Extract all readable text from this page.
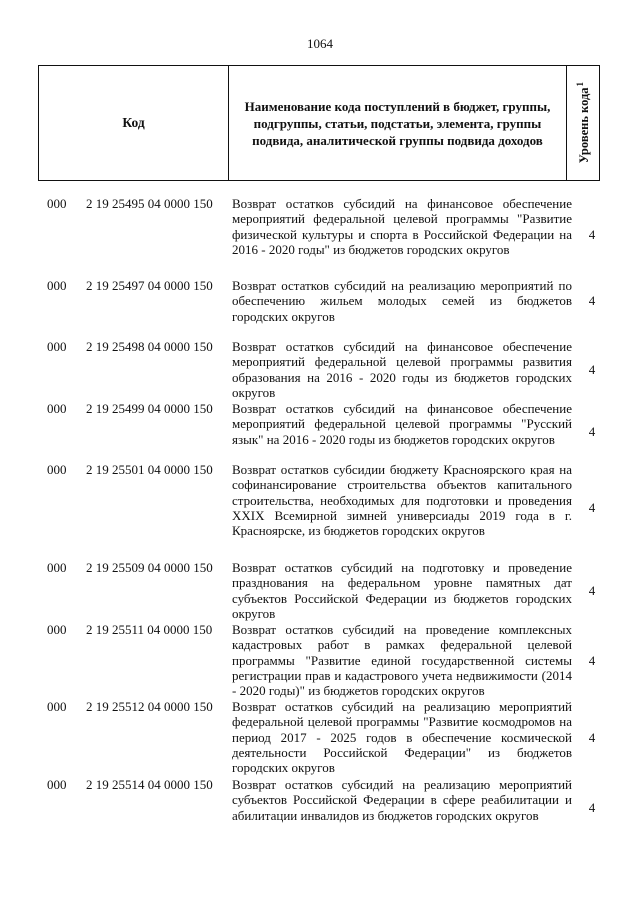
1064
Код
Наименование кода поступлений в бюджет, группы, подгруппы, статьи, подстатьи, элемента, группы подвида, аналитической группы подвида доходов	Уровень кода$^1$
000 2 19 25495 04 0000 150 Возврат остатков субсидий на финансовое обеспечение мероприятий федеральной целевой программы "Развитие физической культуры и спорта в Российской Федерации на 2016 - 2020 годы" из бюджетов городских округов
4
000 2 19 25497 04 0000 150 Возврат остатков субсидий на реализацию мероприятий по обеспечению жильем молодых семей из бюджетов городских округов
4
000 2 19 25498 04 0000 150 Возврат остатков субсидий на финансовое обеспечение мероприятий федеральной целевой программы развития образования на 2016 - 2020 годы из бюджетов городских округов
4
000 2 19 25499 04 0000 150 Возврат остатков субсидий на финансовое обеспечение мероприятий федеральной целевой программы "Русский язык" на 2016 - 2020 годы из бюджетов городских округов
4
000 2 19 25501 04 0000 150 Возврат остатков субсидии бюджету Красноярского края на софинансирование строительства объектов капитального строительства, необходимых для подготовки и проведения XXIX Всемирной зимней универсиады 2019 года в г. Красноярске, из бюджетов городских округов
4
000 2 19 25509 04 0000 150 Возврат остатков субсидий на подготовку и проведение празднования на федеральном уровне памятных дат субъектов Российской Федерации из бюджетов городских округов
4
000 2 19 25511 04 0000 150 Возврат остатков субсидий на проведение комплексных кадастровых работ в рамках федеральной целевой программы "Развитие единой государственной системы регистрации прав и кадастрового учета недвижимости (2014 - 2020 годы)" из бюджетов городских округов
4
000 2 19 25512 04 0000 150 Возврат остатков субсидий на реализацию мероприятий федеральной целевой программы "Развитие космодромов на период 2017 - 2025 годов в обеспечение космической деятельности Российской Федерации" из бюджетов городских округов
4
000 2 19 25514 04 0000 150 Возврат остатков субсидий на реализацию мероприятий субъектов Российской Федерации в сфере реабилитации и абилитации инвалидов из бюджетов городских округов
4
